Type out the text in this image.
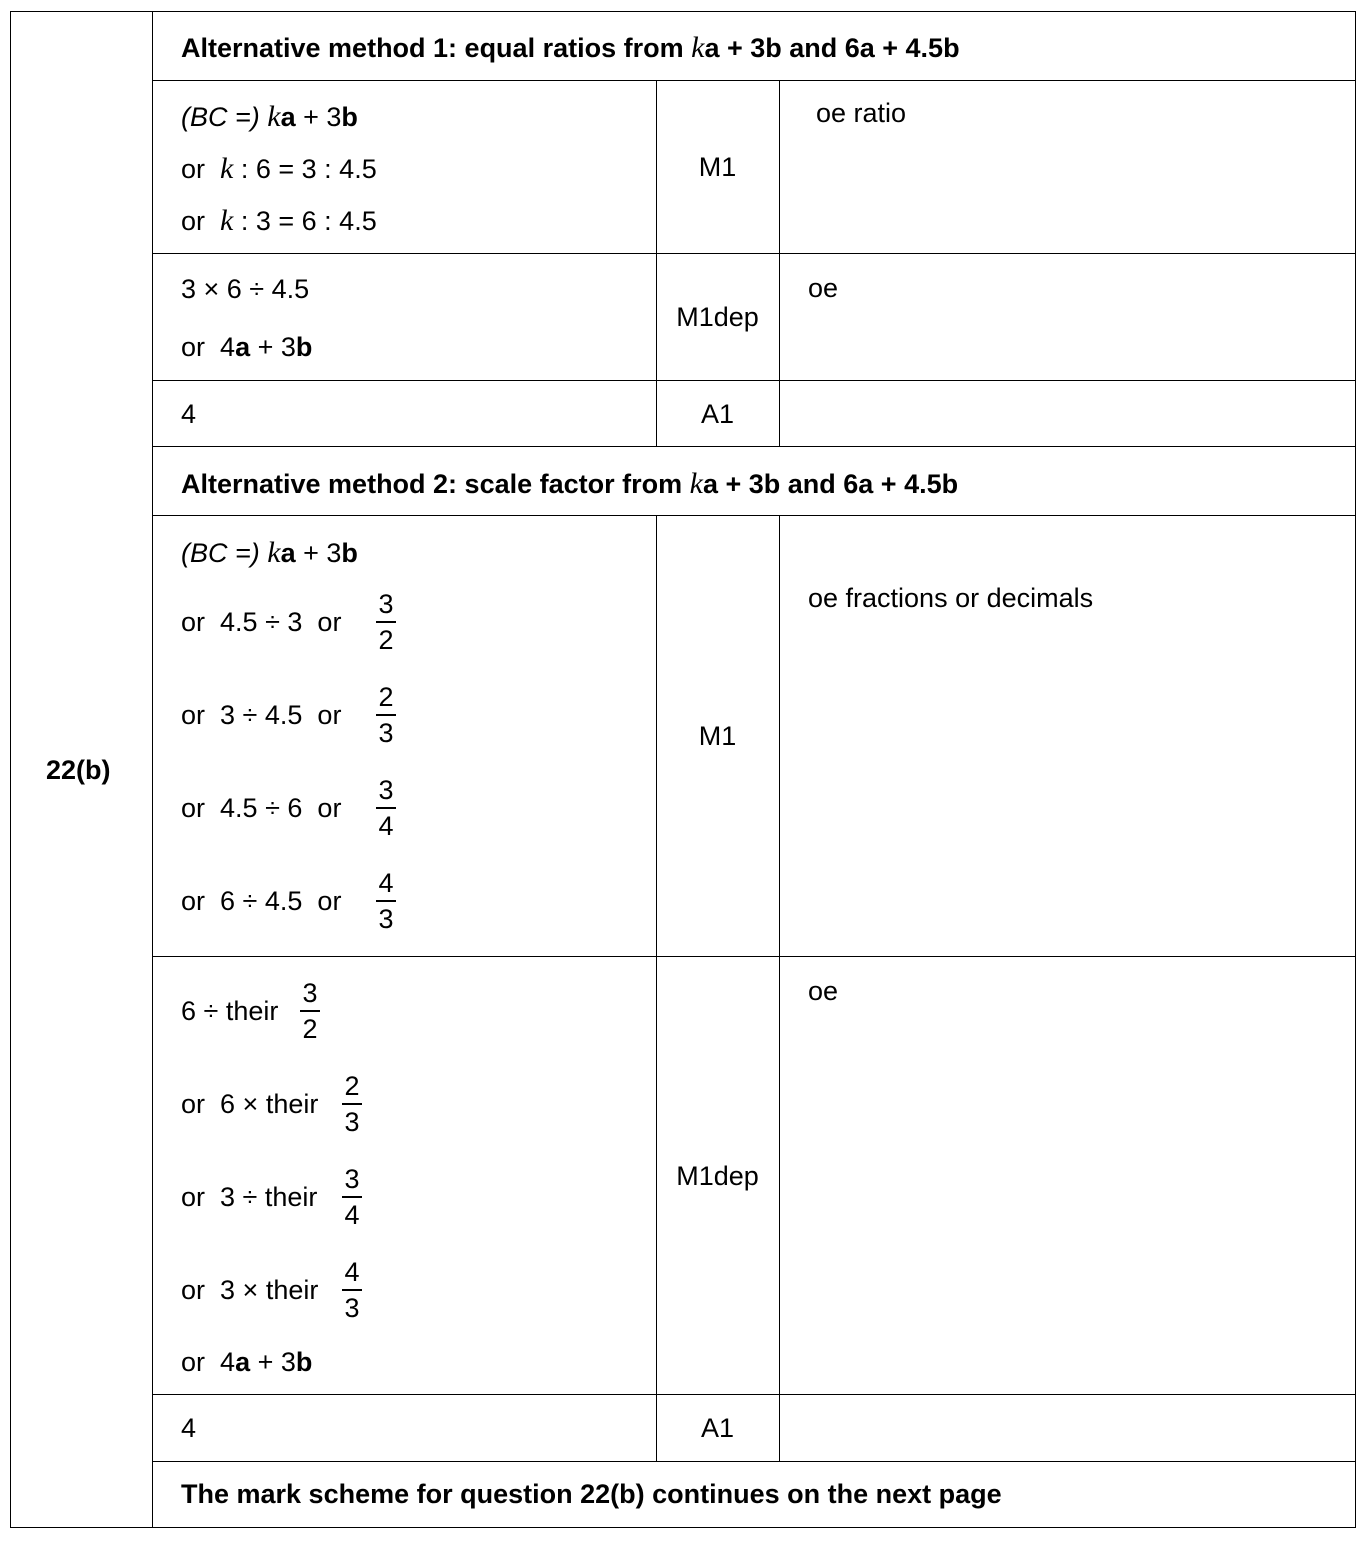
22(b)
Alternative method 1: equal ratios from ka + 3b and 6a + 4.5b
(BC =) ka + 3b
or k : 6 = 3 : 4.5
or k : 3 = 6 : 4.5
M1
oe ratio
3 × 6 ÷ 4.5
or 4a + 3b
M1dep
oe
4	A1
Alternative method 2: scale factor from ka + 3b and 6a + 4.5b
(BC =) ka + 3b
or 4.5 ÷ 3 or
3
2
or 3 ÷ 4.5 or
2
3
or 4.5 ÷ 6 or
3
4
or 6 ÷ 4.5 or
4
3
M1
oe fractions or decimals
6 ÷ their
3
2
or 6 × their
2
3
or 3 ÷ their
3
4
or 3 × their
4
3
or 4a + 3b
M1dep
oe
4	A1
The mark scheme for question 22(b) continues on the next page
